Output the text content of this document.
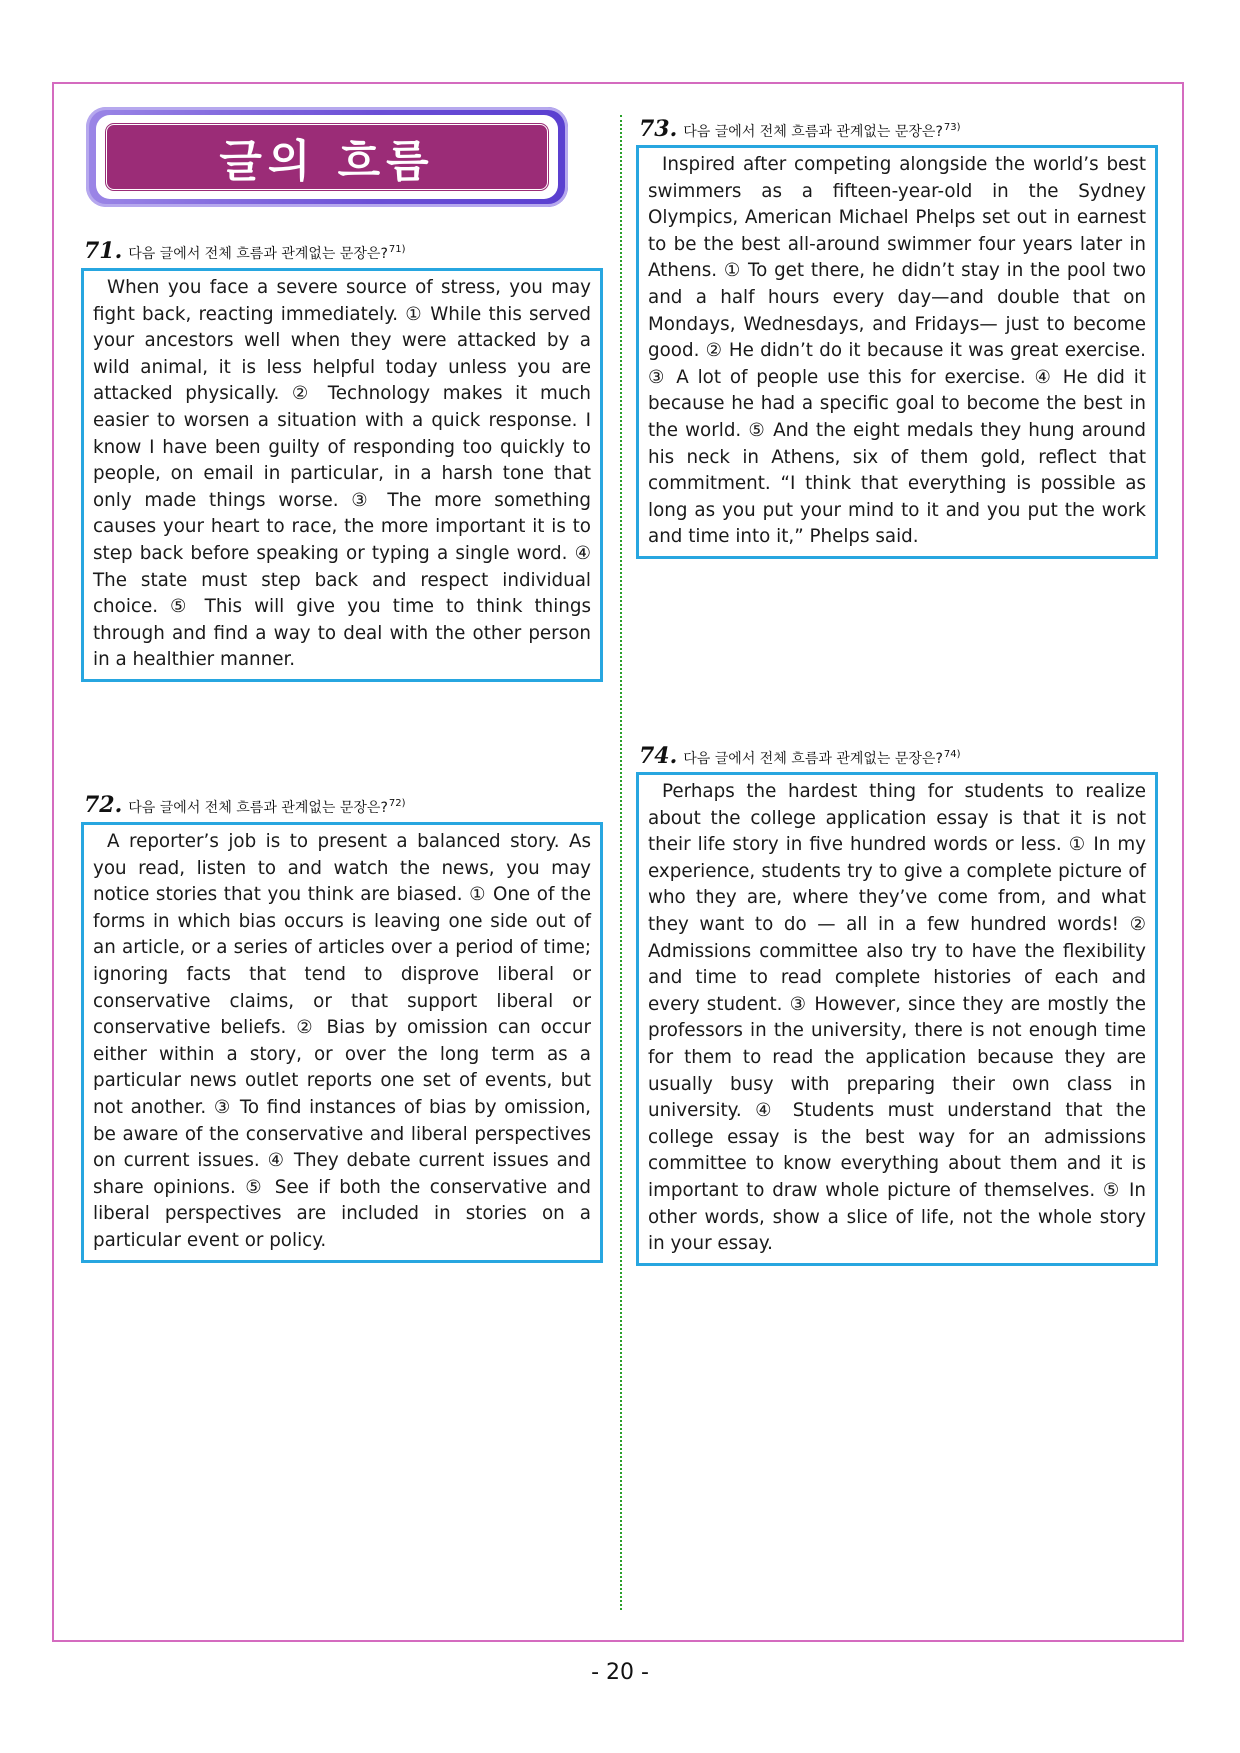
글의 흐름
71. 다음 글에서 전체 흐름과 관계없는 문장은? 71)
When you face a severe source of stress, you may fight back, reacting immediately. ① While this served your ancestors well when they were attacked by a wild animal, it is less helpful today unless you are attacked physically. ② Technology makes it much easier to worsen a situation with a quick response. I know I have been guilty of responding too quickly to people, on email in particular, in a harsh tone that only made things worse. ③ The more something causes your heart to race, the more important it is to step back before speaking or typing a single word. ④ The state must step back and respect individual choice. ⑤ This will give you time to think things through and find a way to deal with the other person in a healthier manner.
72. 다음 글에서 전체 흐름과 관계없는 문장은? 72)
A reporter’s job is to present a balanced story. As you read, listen to and watch the news, you may notice stories that you think are biased. ① One of the forms in which bias occurs is leaving one side out of an article, or a series of articles over a period of time; ignoring facts that tend to disprove liberal or conservative claims, or that support liberal or conservative beliefs. ② Bias by omission can occur either within a story, or over the long term as a particular news outlet reports one set of events, but not another. ③ To find instances of bias by omission, be aware of the conservative and liberal perspectives on current issues. ④ They debate current issues and share opinions. ⑤ See if both the conservative and liberal perspectives are included in stories on a particular event or policy.
73. 다음 글에서 전체 흐름과 관계없는 문장은? 73)
Inspired after competing alongside the world’s best swimmers as a fifteen-year-old in the Sydney Olympics, American Michael Phelps set out in earnest to be the best all-around swimmer four years later in Athens. ① To get there, he didn’t stay in the pool two and a half hours every day—and double that on Mondays, Wednesdays, and Fridays— just to become good. ② He didn’t do it because it was great exercise. ③ A lot of people use this for exercise. ④ He did it because he had a specific goal to become the best in the world. ⑤ And the eight medals they hung around his neck in Athens, six of them gold, reflect that commitment. “I think that everything is possible as long as you put your mind to it and you put the work and time into it,” Phelps said.
74. 다음 글에서 전체 흐름과 관계없는 문장은? 74)
Perhaps the hardest thing for students to realize about the college application essay is that it is not their life story in five hundred words or less. ① In my experience, students try to give a complete picture of who they are, where they’ve come from, and what they want to do — all in a few hundred words! ② Admissions committee also try to have the flexibility and time to read complete histories of each and every student. ③ However, since they are mostly the professors in the university, there is not enough time for them to read the application because they are usually busy with preparing their own class in university. ④ Students must understand that the college essay is the best way for an admissions committee to know everything about them and it is important to draw whole picture of themselves. ⑤ In other words, show a slice of life, not the whole story in your essay.
- 20 -
